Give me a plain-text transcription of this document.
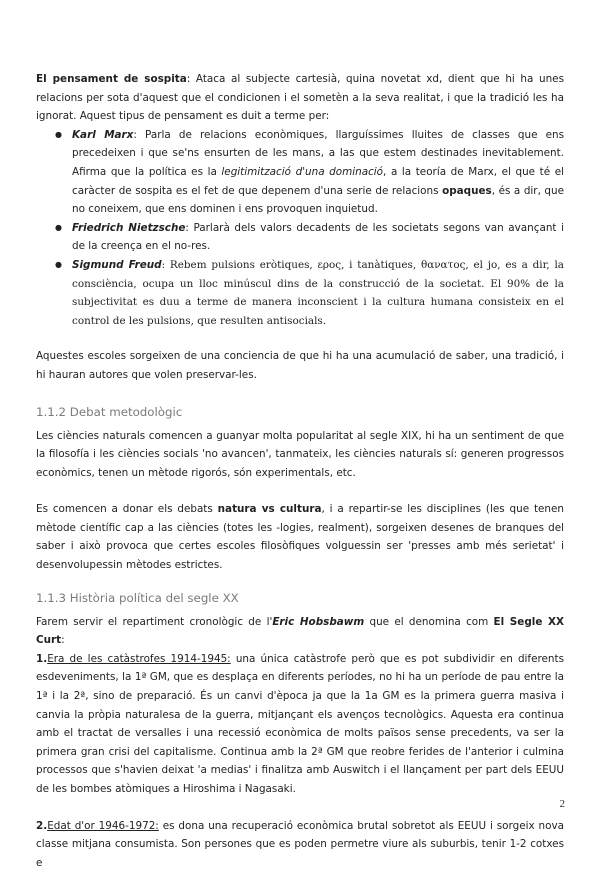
El pensament de sospita: Ataca al subjecte cartesià, quina novetat xd, dient que hi ha unes relacions per sota d'aquest que el condicionen i el sometèn a la seva realitat, i que la tradició les ha ignorat. Aquest tipus de pensament es duit a terme per:

● Karl Marx: Parla de relacions econòmiques, llarguíssimes lluites de classes que ens precedeixen i que se'ns ensurten de les mans, a las que estem destinades inevitablement. Afirma que la política es la legitimització d'una dominació, a la teoría de Marx, el que té el caràcter de sospita es el fet de que depenem d'una serie de relacions opaques, és a dir, que no coneixem, que ens dominen i ens provoquen inquietud.
● Friedrich Nietzsche: Parlarà dels valors decadents de les societats segons van avançant i de la creença en el no-res.
● Sigmund Freud: Rebem pulsions eròtiques, ερος, i tanàtiques, θανατος, el jo, es a dir, la consciència, ocupa un lloc minúscul dins de la construcció de la societat. El 90% de la subjectivitat es duu a terme de manera inconscient i la cultura humana consisteix en el control de les pulsions, que resulten antisocials.

Aquestes escoles sorgeixen de una conciencia de que hi ha una acumulació de saber, una tradició, i hi hauran autores que volen preservar-les.

1.1.2 Debat metodològic

Les ciències naturals comencen a guanyar molta popularitat al segle XIX, hi ha un sentiment de que la filosofía i les ciències socials 'no avancen', tanmateix, les ciències naturals sí: generen progressos econòmics, tenen un mètode rigorós, són experimentals, etc.

Es comencen a donar els debats natura vs cultura, i a repartir-se les disciplines (les que tenen mètode científic cap a las ciències (totes les -logies, realment), sorgeixen desenes de branques del saber i això provoca que certes escoles filosòfiques volguessin ser 'presses amb més serietat' i desenvolupessin mètodes estrictes.

1.1.3 Història política del segle XX

Farem servir el repartiment cronològic de l'Eric Hobsbawm que el denomina com El Segle XX Curt:

1.Era de les catàstrofes 1914-1945: una única catàstrofe però que es pot subdividir en diferents esdeveniments, la 1ª GM, que es desplaça en diferents períodes, no hi ha un període de pau entre la 1ª i la 2ª, sino de preparació. És un canvi d'època ja que la 1a GM es la primera guerra masiva i canvia la pròpia naturalesa de la guerra, mitjançant els avenços tecnològics. Aquesta era continua amb el tractat de versalles i una recessió econòmica de molts països sense precedents, va ser la primera gran crisi del capitalisme. Continua amb la 2ª GM que reobre ferides de l'anterior i culmina processos que s'havien deixat 'a medias' i finalitza amb Auswitch i el llançament per part dels EEUU de les bombes atòmiques a Hiroshima i Nagasaki.

2.Edat d'or 1946-1972: es dona una recuperació econòmica brutal sobretot als EEUU i sorgeix nova classe mitjana consumista. Son persones que es poden permetre viure als suburbis, tenir 1-2 cotxes e

2
